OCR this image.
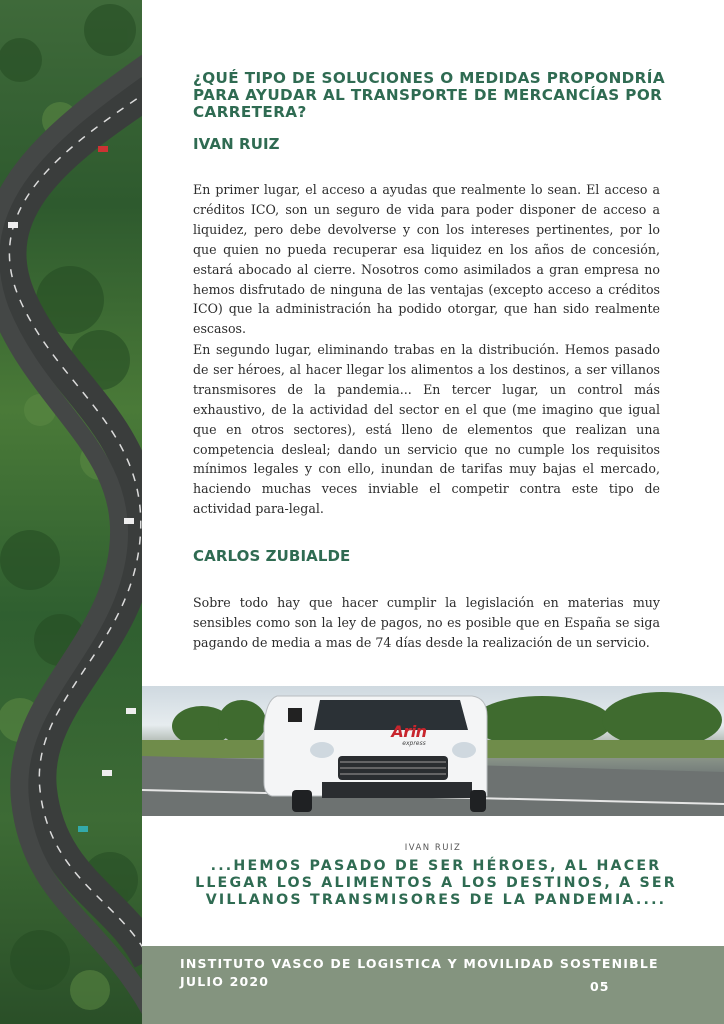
¿QUÉ TIPO DE SOLUCIONES O MEDIDAS PROPONDRÍA PARA AYUDAR AL TRANSPORTE DE MERCANCÍAS POR CARRETERA?
IVAN RUIZ

En primer lugar, el acceso a ayudas que realmente lo sean. El acceso a créditos ICO, son un seguro de vida para poder disponer de acceso a liquidez, pero debe devolverse y con los intereses pertinentes, por lo que quien no pueda recuperar esa liquidez en los años de concesión, estará abocado al cierre. Nosotros como asimilados a gran empresa no hemos disfrutado de ninguna de las ventajas (excepto acceso a créditos ICO) que la administración ha podido otorgar, que han sido realmente escasos.

En segundo lugar, eliminando trabas en la distribución. Hemos pasado de ser héroes, al hacer llegar los alimentos a los destinos, a ser villanos transmisores de la pandemia... En tercer lugar, un control más exhaustivo, de la actividad del sector en el que (me imagino que igual que en otros sectores), está lleno de elementos que realizan una competencia desleal; dando un servicio que no cumple los requisitos mínimos legales y con ello, inundan de tarifas muy bajas el mercado, haciendo muchas veces inviable el competir contra este tipo de actividad para-legal.

CARLOS ZUBIALDE

Sobre todo hay que hacer cumplir la legislación en materias muy sensibles como son la ley de pagos, no es posible que en España se siga pagando de media a mas de 74 días desde la realización de un servicio.

Arin
express

IVAN RUIZ

...HEMOS PASADO DE SER HÉROES, AL HACER LLEGAR LOS ALIMENTOS A LOS DESTINOS, A SER VILLANOS TRANSMISORES DE LA PANDEMIA....

INSTITUTO VASCO DE LOGISTICA Y MOVILIDAD SOSTENIBLE

JULIO 2020	05
